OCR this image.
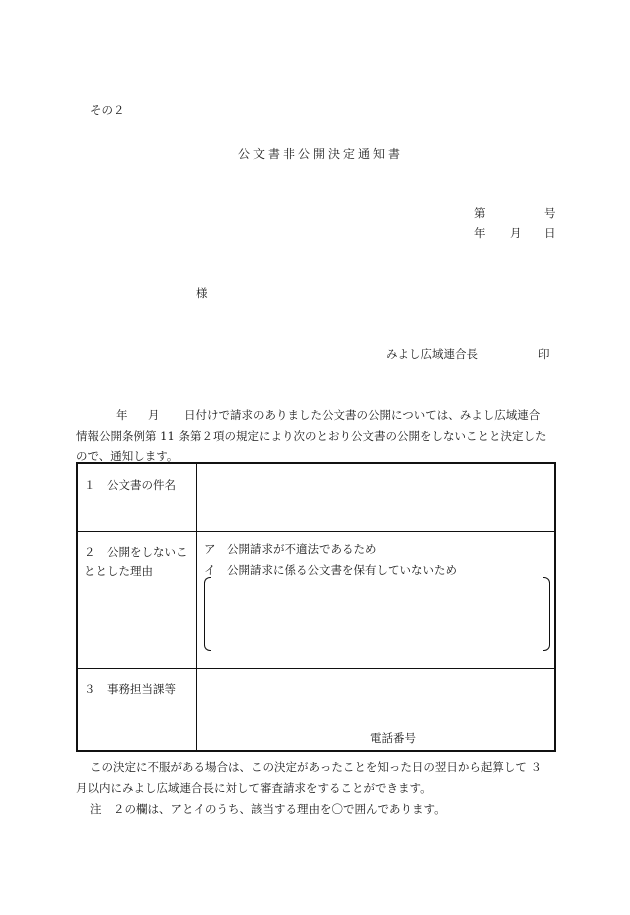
その２
公文書非公開決定通知書
第	号
年 月 日
様
みよし広域連合長	印
年 月 日付けで請求のありました公文書の公開については、みよし広域連合
情報公開条例第 11 条第２項の規定により次のとおり公文書の公開をしないことと決定した
ので、通知します。
１　公文書の件名
２　公開をしないこととした理由
ア　公開請求が不適法であるため
イ　公開請求に係る公文書を保有していないため
３　事務担当課等
電話番号
この決定に不服がある場合は、この決定があったことを知った日の翌日から起算して ３
月以内にみよし広域連合長に対して審査請求をすることができます。
注　２の欄は、アとイのうち、該当する理由を〇で囲んであります。
